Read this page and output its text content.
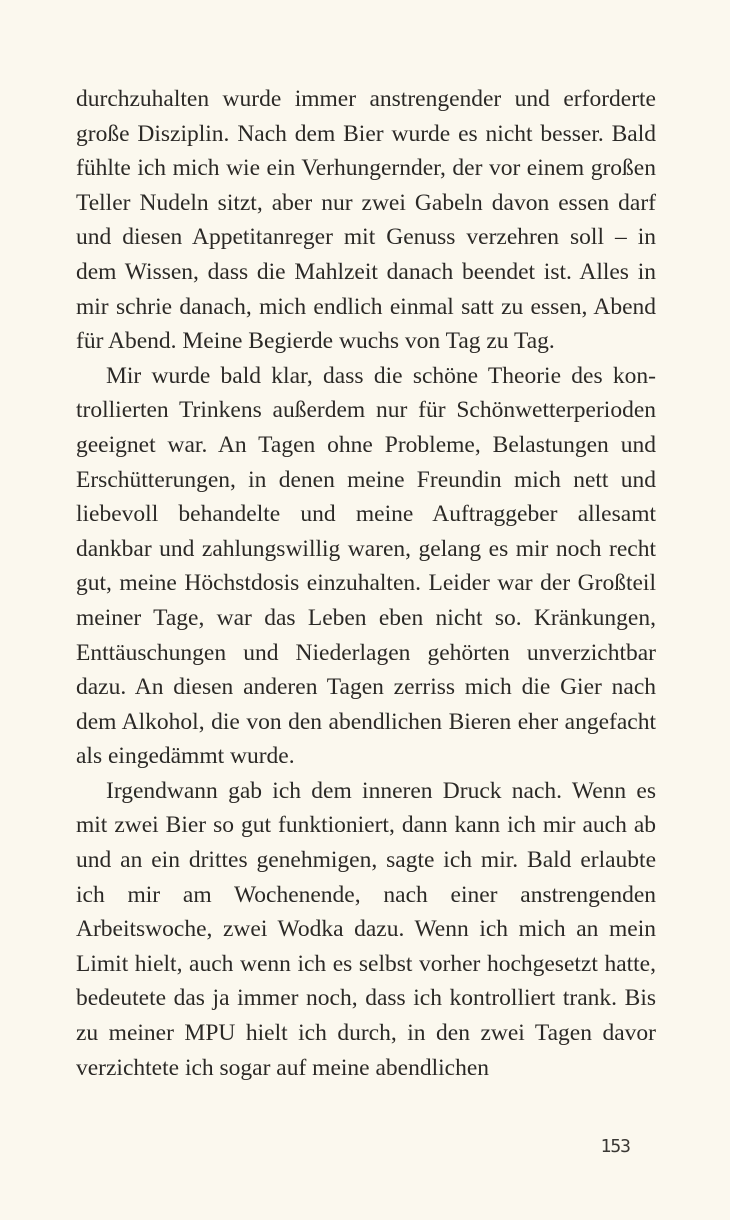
durchzuhalten wurde immer anstrengender und erforderte große Disziplin. Nach dem Bier wurde es nicht besser. Bald fühlte ich mich wie ein Verhungernder, der vor einem großen Teller Nudeln sitzt, aber nur zwei Gabeln davon essen darf und diesen Appetitanreger mit Genuss verzehren soll – in dem Wissen, dass die Mahlzeit danach beendet ist. Alles in mir schrie danach, mich endlich einmal satt zu essen, Abend für Abend. Meine Begierde wuchs von Tag zu Tag.

Mir wurde bald klar, dass die schöne Theorie des kontrollierten Trinkens außerdem nur für Schönwetterperioden geeignet war. An Tagen ohne Probleme, Belastungen und Erschütterungen, in denen meine Freundin mich nett und liebevoll behandelte und meine Auftraggeber allesamt dankbar und zahlungswillig waren, gelang es mir noch recht gut, meine Höchstdosis einzuhalten. Leider war der Großteil meiner Tage, war das Leben eben nicht so. Kränkungen, Enttäuschungen und Niederlagen gehörten unverzichtbar dazu. An diesen anderen Tagen zerriss mich die Gier nach dem Alkohol, die von den abendlichen Bieren eher angefacht als eingedämmt wurde.

Irgendwann gab ich dem inneren Druck nach. Wenn es mit zwei Bier so gut funktioniert, dann kann ich mir auch ab und an ein drittes genehmigen, sagte ich mir. Bald erlaubte ich mir am Wochenende, nach einer anstrengenden Arbeitswoche, zwei Wodka dazu. Wenn ich mich an mein Limit hielt, auch wenn ich es selbst vorher hochgesetzt hatte, bedeutete das ja immer noch, dass ich kontrolliert trank. Bis zu meiner MPU hielt ich durch, in den zwei Tagen davor verzichtete ich sogar auf meine abendlichen

153
